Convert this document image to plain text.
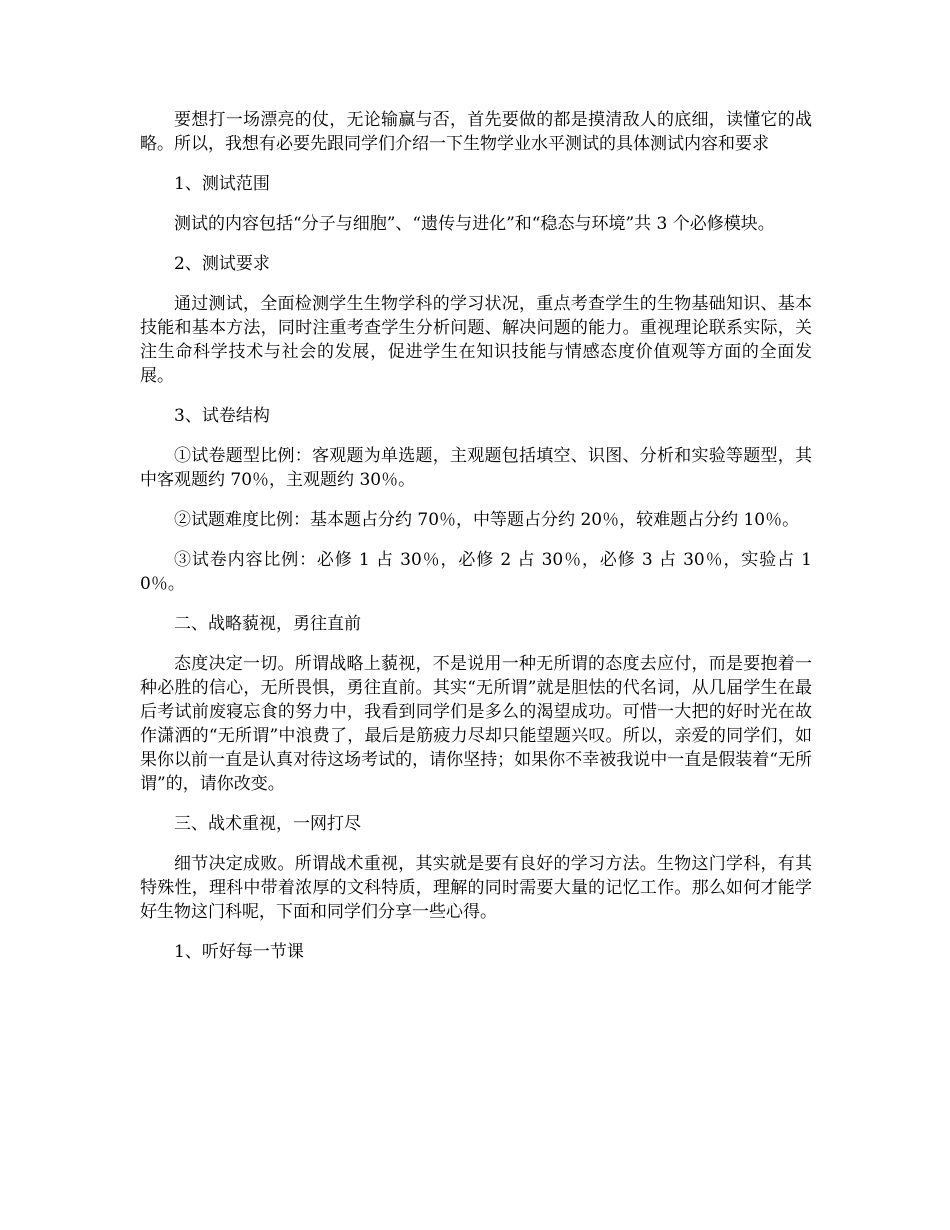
要想打一场漂亮的仗，无论输赢与否，首先要做的都是摸清敌人的底细，读懂它的战略。所以，我想有必要先跟同学们介绍一下生物学业水平测试的具体测试内容和要求

1、测试范围

测试的内容包括“分子与细胞”、“遗传与进化”和“稳态与环境”共 3 个必修模块。

2、测试要求

通过测试，全面检测学生生物学科的学习状况，重点考查学生的生物基础知识、基本技能和基本方法，同时注重考查学生分析问题、解决问题的能力。重视理论联系实际，关注生命科学技术与社会的发展，促进学生在知识技能与情感态度价值观等方面的全面发展。

3、试卷结构

①试卷题型比例：客观题为单选题，主观题包括填空、识图、分析和实验等题型，其中客观题约 70％，主观题约 30％。

②试题难度比例：基本题占分约 70％，中等题占分约 20％，较难题占分约 10％。

③试卷内容比例：必修 1 占 30％，必修 2 占 30％，必修 3 占 30％，实验占 10％。

二、战略藐视，勇往直前

态度决定一切。所谓战略上藐视，不是说用一种无所谓的态度去应付，而是要抱着一种必胜的信心，无所畏惧，勇往直前。其实“无所谓”就是胆怯的代名词，从几届学生在最后考试前废寝忘食的努力中，我看到同学们是多么的渴望成功。可惜一大把的好时光在故作潇洒的“无所谓”中浪费了，最后是筋疲力尽却只能望题兴叹。所以，亲爱的同学们，如果你以前一直是认真对待这场考试的，请你坚持；如果你不幸被我说中一直是假装着“无所谓”的，请你改变。

三、战术重视，一网打尽

细节决定成败。所谓战术重视，其实就是要有良好的学习方法。生物这门学科，有其特殊性，理科中带着浓厚的文科特质，理解的同时需要大量的记忆工作。那么如何才能学好生物这门科呢，下面和同学们分享一些心得。

1、听好每一节课
